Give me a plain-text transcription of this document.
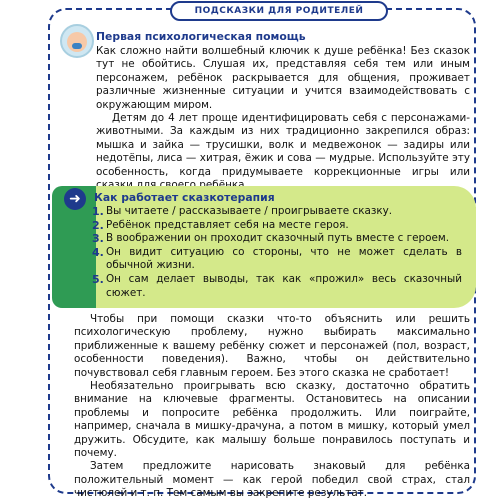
ПОДСКАЗКИ ДЛЯ РОДИТЕЛЕЙ
Первая психологическая помощь

Как сложно найти волшебный ключик к душе ребёнка! Без сказок тут не обойтись. Слушая их, представляя себя тем или иным персонажем, ребёнок раскрывается для общения, проживает различные жизненные ситуации и учится взаимодействовать с окружающим миром.

Детям до 4 лет проще идентифицировать себя с персонажами-животными. За каждым из них традиционно закрепился образ: мышка и зайка — трусишки, волк и медвежонок — задиры или недотёпы, лиса — хитрая, ёжик и сова — мудрые. Используйте эту особенность, когда придумываете коррекционные игры или

КСТАТИ	➜	Как работает сказкотерапия
1. Вы читаете / рассказываете / проигрываете сказку.
2. Ребёнок представляет себя на месте героя.
3. В воображении он проходит сказочный путь вместе с героем.
4. Он видит ситуацию со стороны, что не может сделать в обычной жизни.
5. Он сам делает выводы, так как «прожил» весь сказочный сюжет.

Чтобы при помощи сказки что-то объяснить или решить психологическую проблему, нужно выбирать максимально приближенные к вашему ребёнку сюжет и персонажей (пол, возраст, особенности поведения). Важно, чтобы он действительно почувствовал себя главным героем. Без этого сказка не сработает!

Необязательно проигрывать всю сказку, достаточно обратить внимание на ключевые фрагменты. Остановитесь на описании проблемы и попросите ребёнка продолжить. Или поиграйте, например, сначала в мишку-драчуна, а потом в мишку, который умел дружить. Обсудите, как малышу больше понравилось поступать и почему.

Затем предложите нарисовать знаковый для ребёнка положительный момент — как герой победил свой страх, стал чистюлей и т. п. Тем самым вы закрепите результат.
